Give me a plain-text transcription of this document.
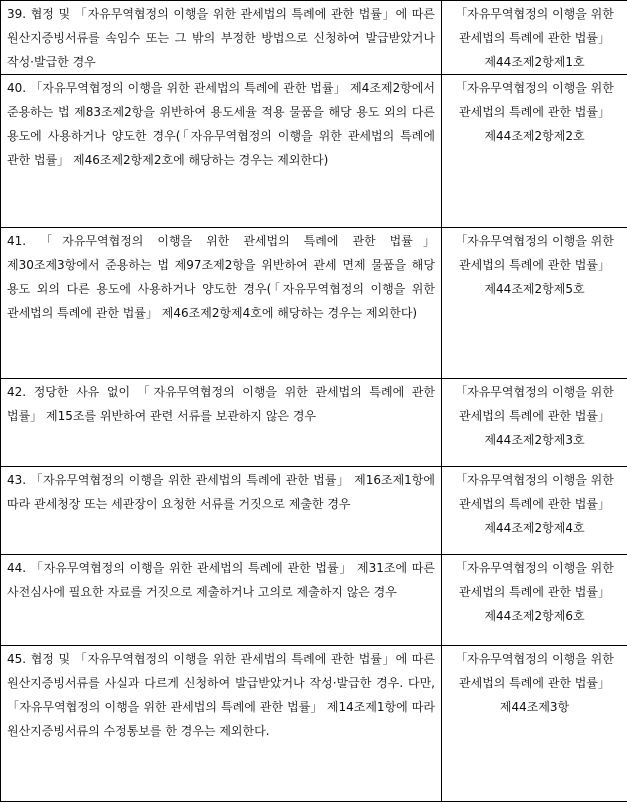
39. 협정 및 「자유무역협정의 이행을 위한 관세법의 특례에 관한 법률」에 따른 원산지증빙서류를 속임수 또는 그 밖의 부정한 방법으로 신청하여 발급받았거나 작성·발급한 경우	「자유무역협정의 이행을 위한 관세법의 특례에 관한 법률」 제44조제2항제1호

40. 「자유무역협정의 이행을 위한 관세법의 특례에 관한 법률」 제4조제2항에서 준용하는 법 제83조제2항을 위반하여 용도세율 적용 물품을 해당 용도 외의 다른 용도에 사용하거나 양도한 경우(「자유무역협정의 이행을 위한 관세법의 특례에 관한 법률」 제46조제2항제2호에 해당하는 경우는 제외한다)	「자유무역협정의 이행을 위한 관세법의 특례에 관한 법률」 제44조제2항제2호

41. 「자유무역협정의 이행을 위한 관세법의 특례에 관한 법률」 제30조제3항에서 준용하는 법 제97조제2항을 위반하여 관세 면제 물품을 해당 용도 외의 다른 용도에 사용하거나 양도한 경우(「자유무역협정의 이행을 위한 관세법의 특례에 관한 법률」 제46조제2항제4호에 해당하는 경우는 제외한다)	「자유무역협정의 이행을 위한 관세법의 특례에 관한 법률」 제44조제2항제5호

42. 정당한 사유 없이 「자유무역협정의 이행을 위한 관세법의 특례에 관한 법률」 제15조를 위반하여 관련 서류를 보관하지 않은 경우	「자유무역협정의 이행을 위한 관세법의 특례에 관한 법률」 제44조제2항제3호

43. 「자유무역협정의 이행을 위한 관세법의 특례에 관한 법률」 제16조제1항에 따라 관세청장 또는 세관장이 요청한 서류를 거짓으로 제출한 경우	「자유무역협정의 이행을 위한 관세법의 특례에 관한 법률」 제44조제2항제4호

44. 「자유무역협정의 이행을 위한 관세법의 특례에 관한 법률」 제31조에 따른 사전심사에 필요한 자료를 거짓으로 제출하거나 고의로 제출하지 않은 경우	「자유무역협정의 이행을 위한 관세법의 특례에 관한 법률」 제44조제2항제6호

45. 협정 및 「자유무역협정의 이행을 위한 관세법의 특례에 관한 법률」에 따른 원산지증빙서류를 사실과 다르게 신청하여 발급받았거나 작성·발급한 경우. 다만, 「자유무역협정의 이행을 위한 관세법의 특례에 관한 법률」 제14조제1항에 따라 원산지증빙서류의 수정통보를 한 경우는 제외한다.	「자유무역협정의 이행을 위한 관세법의 특례에 관한 법률」 제44조제3항
